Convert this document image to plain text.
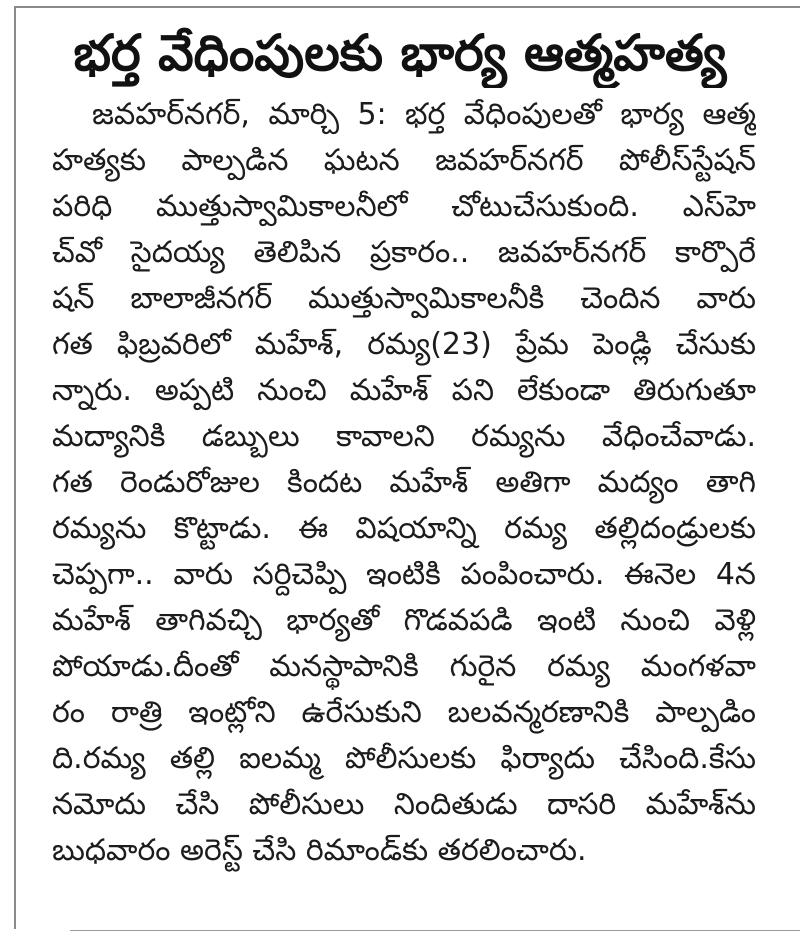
భర్త వేధింపులకు భార్య ఆత్మహత్య
జవహర్‌నగర్, మార్చి 5: భర్త వేధింపులతో భార్య ఆత్మ
హత్యకు పాల్పడిన ఘటన జవహర్‌నగర్ పోలీస్‌స్టేషన్
పరిధి ముత్తుస్వామికాలనీలో చోటుచేసుకుంది. ఎస్‌హె
చ్‌వో సైదయ్య తెలిపిన ప్రకారం.. జవహర్‌నగర్ కార్పొరే
షన్ బాలాజీనగర్ ముత్తుస్వామికాలనీకి చెందిన వారు
గత ఫిబ్రవరిలో మహేశ్, రమ్య(23) ప్రేమ పెండ్లి చేసుకు
న్నారు. అప్పటి నుంచి మహేశ్ పని లేకుండా తిరుగుతూ
మద్యానికి డబ్బులు కావాలని రమ్యను వేధించేవాడు.
గత రెండురోజుల కిందట మహేశ్ అతిగా మద్యం తాగి
రమ్యను కొట్టాడు. ఈ విషయాన్ని రమ్య తల్లిదండ్రులకు
చెప్పగా.. వారు సర్దిచెప్పి ఇంటికి పంపించారు. ఈనెల 4న
మహేశ్ తాగివచ్చి భార్యతో గొడవపడి ఇంటి నుంచి వెళ్లి
పోయాడు.దీంతో మనస్థాపానికి గురైన రమ్య మంగళవా
రం రాత్రి ఇంట్లోని ఉరేసుకుని బలవన్మరణానికి పాల్పడిం
ది.రమ్య తల్లి ఐలమ్మ పోలీసులకు ఫిర్యాదు చేసింది.కేసు
నమోదు చేసి పోలీసులు నిందితుడు దాసరి మహేశ్‌ను
బుధవారం అరెస్ట్ చేసి రిమాండ్‌కు తరలించారు.
